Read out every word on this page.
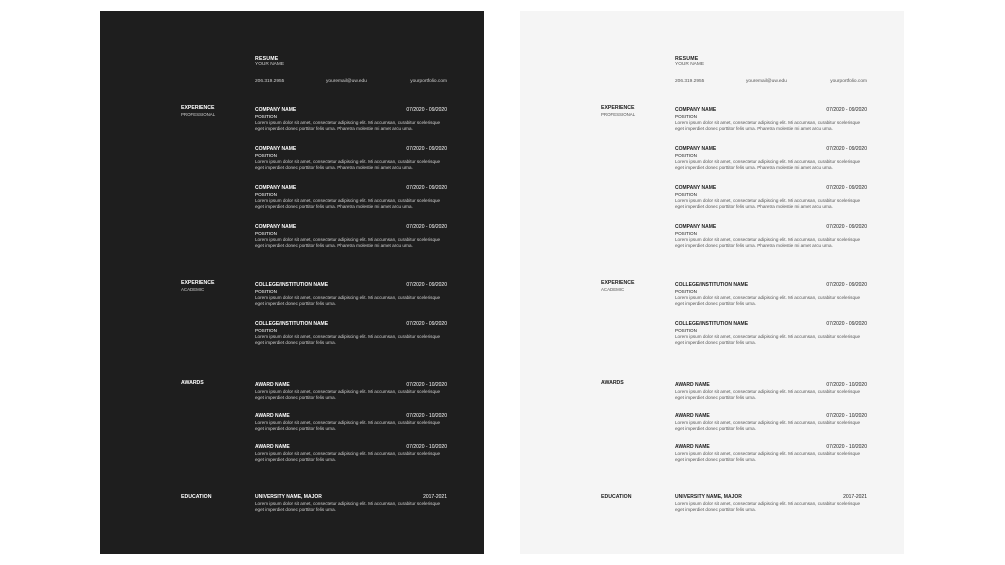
RESUME
YOUR NAME
206.319.2955	youremail@uw.edu	yourportfolio.com
EXPERIENCE
PROFESSIONAL
COMPANY NAME	07/2020 - 09/2020
POSITION
Lorem ipsum dolor sit amet, consectetur adipiscing elit. Mi accumsan, curabitur scelerisque eget imperdiet donec porttitor felis urna. Pharetra molestie mi amet arcu urna.
COMPANY NAME	07/2020 - 09/2020
POSITION
Lorem ipsum dolor sit amet, consectetur adipiscing elit. Mi accumsan, curabitur scelerisque eget imperdiet donec porttitor felis urna. Pharetra molestie mi amet arcu urna.
COMPANY NAME	07/2020 - 09/2020
POSITION
Lorem ipsum dolor sit amet, consectetur adipiscing elit. Mi accumsan, curabitur scelerisque eget imperdiet donec porttitor felis urna. Pharetra molestie mi amet arcu urna.
COMPANY NAME	07/2020 - 09/2020
POSITION
Lorem ipsum dolor sit amet, consectetur adipiscing elit. Mi accumsan, curabitur scelerisque eget imperdiet donec porttitor felis urna. Pharetra molestie mi amet arcu urna.
EXPERIENCE
ACADEMIC
COLLEGE/INSTITUTION NAME	07/2020 - 09/2020
POSITION
Lorem ipsum dolor sit amet, consectetur adipiscing elit. Mi accumsan, curabitur scelerisque eget imperdiet donec porttitor felis urna.
COLLEGE/INSTITUTION NAME	07/2020 - 09/2020
POSITION
Lorem ipsum dolor sit amet, consectetur adipiscing elit. Mi accumsan, curabitur scelerisque eget imperdiet donec porttitor felis urna.
AWARDS	AWARD NAME	07/2020 - 10/2020
Lorem ipsum dolor sit amet, consectetur adipiscing elit. Mi accumsan, curabitur scelerisque eget imperdiet donec porttitor felis urna.
AWARD NAME	07/2020 - 10/2020
Lorem ipsum dolor sit amet, consectetur adipiscing elit. Mi accumsan, curabitur scelerisque eget imperdiet donec porttitor felis urna.
AWARD NAME	07/2020 - 10/2020
Lorem ipsum dolor sit amet, consectetur adipiscing elit. Mi accumsan, curabitur scelerisque eget imperdiet donec porttitor felis urna.
EDUCATION	UNIVERSITY NAME, MAJOR	2017-2021
Lorem ipsum dolor sit amet, consectetur adipiscing elit. Mi accumsan, curabitur scelerisque eget imperdiet donec porttitor felis urna.
RESUME
YOUR NAME
206.319.2955	youremail@uw.edu	yourportfolio.com
EXPERIENCE
PROFESSIONAL
COMPANY NAME	07/2020 - 09/2020
POSITION
Lorem ipsum dolor sit amet, consectetur adipiscing elit. Mi accumsan, curabitur scelerisque eget imperdiet donec porttitor felis urna. Pharetra molestie mi amet arcu urna.
COMPANY NAME	07/2020 - 09/2020
POSITION
Lorem ipsum dolor sit amet, consectetur adipiscing elit. Mi accumsan, curabitur scelerisque eget imperdiet donec porttitor felis urna. Pharetra molestie mi amet arcu urna.
COMPANY NAME	07/2020 - 09/2020
POSITION
Lorem ipsum dolor sit amet, consectetur adipiscing elit. Mi accumsan, curabitur scelerisque eget imperdiet donec porttitor felis urna. Pharetra molestie mi amet arcu urna.
COMPANY NAME	07/2020 - 09/2020
POSITION
Lorem ipsum dolor sit amet, consectetur adipiscing elit. Mi accumsan, curabitur scelerisque eget imperdiet donec porttitor felis urna. Pharetra molestie mi amet arcu urna.
EXPERIENCE
ACADEMIC
COLLEGE/INSTITUTION NAME	07/2020 - 09/2020
POSITION
Lorem ipsum dolor sit amet, consectetur adipiscing elit. Mi accumsan, curabitur scelerisque eget imperdiet donec porttitor felis urna.
COLLEGE/INSTITUTION NAME	07/2020 - 09/2020
POSITION
Lorem ipsum dolor sit amet, consectetur adipiscing elit. Mi accumsan, curabitur scelerisque eget imperdiet donec porttitor felis urna.
AWARDS	AWARD NAME	07/2020 - 10/2020
Lorem ipsum dolor sit amet, consectetur adipiscing elit. Mi accumsan, curabitur scelerisque eget imperdiet donec porttitor felis urna.
AWARD NAME	07/2020 - 10/2020
Lorem ipsum dolor sit amet, consectetur adipiscing elit. Mi accumsan, curabitur scelerisque eget imperdiet donec porttitor felis urna.
AWARD NAME	07/2020 - 10/2020
Lorem ipsum dolor sit amet, consectetur adipiscing elit. Mi accumsan, curabitur scelerisque eget imperdiet donec porttitor felis urna.
EDUCATION	UNIVERSITY NAME, MAJOR	2017-2021
Lorem ipsum dolor sit amet, consectetur adipiscing elit. Mi accumsan, curabitur scelerisque eget imperdiet donec porttitor felis urna.
